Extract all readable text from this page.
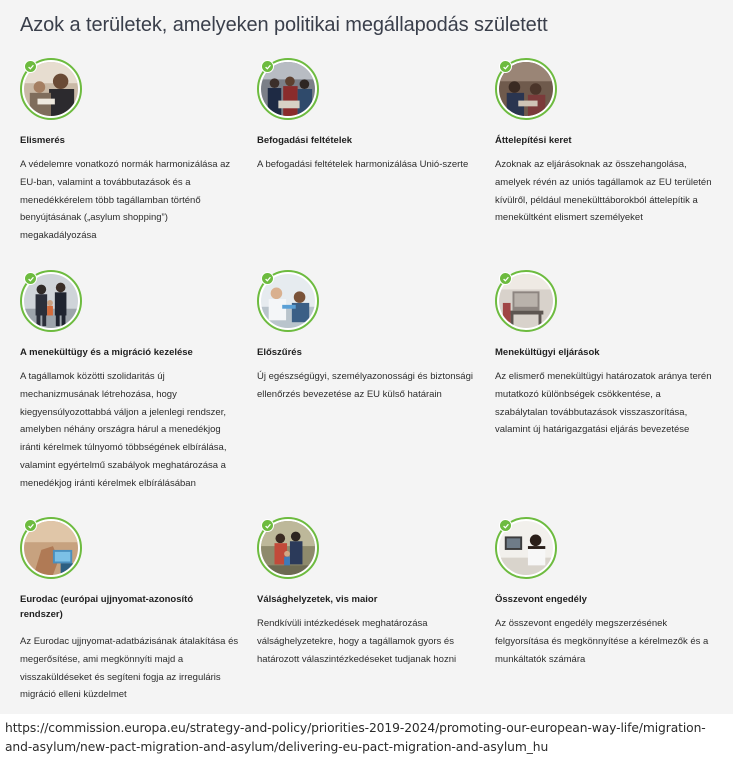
Azok a területek, amelyeken politikai megállapodás született
Elismerés
A védelemre vonatkozó normák harmonizálása az EU-ban, valamint a továbbutazások és a menedékkérelem több tagállamban történő benyújtásának („asylum shopping”) megakadályozása
Befogadási feltételek
A befogadási feltételek harmonizálása Unió-szerte
Áttelepítési keret
Azoknak az eljárásoknak az összehangolása, amelyek révén az uniós tagállamok az EU területén kívülről, például menekülttáborokból áttelepítik a menekültként elismert személyeket
A menekültügy és a migráció kezelése
A tagállamok közötti szolidaritás új mechanizmusának létrehozása, hogy kiegyensúlyozottabbá váljon a jelenlegi rendszer, amelyben néhány országra hárul a menedékjog iránti kérelmek túlnyomó többségének elbírálása, valamint egyértelmű szabályok meghatározása a menedékjog iránti kérelmek elbírálásában
Előszűrés
Új egészségügyi, személyazonossági és biztonsági ellenőrzés bevezetése az EU külső határain
Menekültügyi eljárások
Az elismerő menekültügyi határozatok aránya terén mutatkozó különbségek csökkentése, a szabálytalan továbbutazások visszaszorítása, valamint új határigazgatási eljárás bevezetése
Eurodac (európai ujjnyomat-azonosító rendszer)
Az Eurodac ujjnyomat-adatbázisának átalakítása és megerősítése, ami megkönnyíti majd a visszaküldéseket és segíteni fogja az irreguláris migráció elleni küzdelmet
Válsághelyzetek, vis maior
Rendkívüli intézkedések meghatározása válsághelyzetekre, hogy a tagállamok gyors és határozott válaszintézkedéseket tudjanak hozni
Összevont engedély
Az összevont engedély megszerzésének felgyorsítása és megkönnyítése a kérelmezők és a munkáltatók számára
https://commission.europa.eu/strategy-and-policy/priorities-2019-2024/promoting-our-european-way-life/migration-and-asylum/new-pact-migration-and-asylum/delivering-eu-pact-migration-and-asylum_hu
